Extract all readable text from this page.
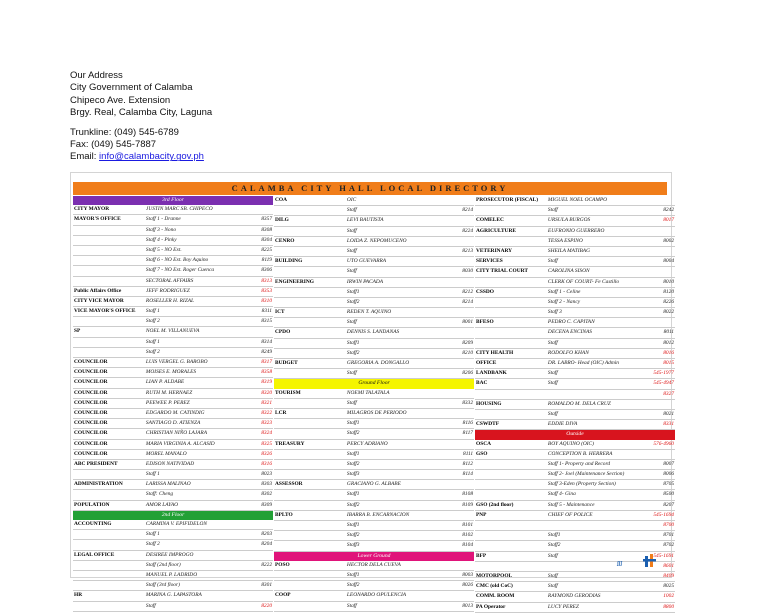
Our Address
City Government of Calamba
Chipeco Ave. Extension
Brgy. Real, Calamba City, Laguna
Trunkline: (049) 545-6789
Fax: (049) 545-7887
Email: info@calambacity.gov.ph
CALAMBA CITY HALL LOCAL DIRECTORY
3rd Floor
CITY MAYOR	JUSTIN MARC SB. CHIPECO
MAYOR'S OFFICE	Staff 1 - Dranne	8357
Staff 3 - Nono	8308
Staff 4 - Pinky	8304
Staff 5 - NO Ext.	8225
Staff 6 - NO Ext. Boy Aquino	8119
Staff 7 - NO Ext. Roger Cuenca	8306
SECTORAL AFFAIRS	8313
Public Affairs Office	JEFF RODRIGUEZ	8353
CITY VICE MAYOR	ROSELLER H. RIZAL	8310
VICE MAYOR'S OFFICE	Staff 1	8311
Staff 2	8315
SP	NOEL M. VILLANUEVA
Staff 1	8314
Staff 2	8249
COUNCILOR	LUIS VERGEL G. BAROBO	8317
COUNCILOR	MOISES E. MORALES	8358
COUNCILOR	LIAN P. ALDABE	8319
COUNCILOR	RUTH M. HERNAEZ	8320
COUNCILOR	PEEWEE P. PEREZ	8321
COUNCILOR	EDGARDO M. CATINDIG	8322
COUNCILOR	SANTIAGO D. ATIENZA	8323
COUNCILOR	CHRISTIAN NIÑO LAJARA	8324
COUNCILOR	MARIA VIRGINIA A. ALCASID	8325
COUNCILOR	MOREL MANALO	8326
ABC PRESIDENT	EDISON NATIVIDAD	8316
Staff 1	8023
ADMINISTRATION	LARISSA MALINAO	8303
Staff: Cheng	8302
POPULATION	AMOR LAYAO	8309
2nd Floor
ACCOUNTING	CARMINA V. EPIFIDELON
Staff 1	8203
Staff 2	8204
LEGAL OFFICE	DESIREE IMPROGO
Staff (2nd floor)	8222
MANUEL P. LADRIDO
Staff (3rd floor)	8301
HR	MARINA G. LAPASTORA
Staff	8220
COA	OIC
Staff	8214
DILG	LEVI BAUTISTA
Staff	8224
CENRO	LOIDA Z. NEPOMUCENO
Staff	8213
BUILDING	UTO GUEVARRA
Staff	8030
ENGINEERING	IRWIN PACADA
Staff1	8212
Staff2	8214
ICT	REDEN T. AQUINO
Staff	8001
CPDO	DENNIS S. LANDANAS
Staff1	8209
Staff2	8210
BUDGET	GREGORIA A. DONGALLO
Staff	8206
Ground Floor
TOURISM	NOEMI TALATALA
Staff	8332
LCR	MILAGROS DE PERIODO
Staff1	8116
Staff2	8117
TREASURY	PERCY ADRIANO
Staff1	8111
Staff2	8112
Staff3	8114
ASSESSOR	GRACIANO G. ALBABE
Staff1	8108
Staff2	8109
BPLTO	IBARRA B. ENCARNACION
Staff1	8101
Staff2	8102
Staff3	8104
Lower Ground
POSO	HECTOR DELA CUEVA
Staff1	8003
Staff2	8026
COOP	LEONARDO OPULENCIA
Staff	8013
PROSECUTOR (FISCAL)	MIGUEL NOEL OCAMPO
Staff	8242
COMELEC	URSULA BURGOS	8017
AGRICULTURE	EUFRONIO GUERRERO
TESSA ESPINO	8002
VETERINARY	SHEILA MATIBAG
SERVICES	Staff	8004
CITY TRIAL COURT	CAROLINA SISON
CLERK OF COURT- Fe Castillo	8010
CSSDO	Staff 1 - Celine	8120
Staff 2 - Nancy	8226
Staff 3	8022
BFESO	PEDRO C. CAPITAN
DECENA ENCINAS	8011
Staff	8012
CITY HEALTH	RODOLFO KHAN	8016
OFFICE	DR. LABRO- Head (OIC) Admin	8015
LANDBANK	Staff	545-1977
BAC	Staff	545-4947
8327
HOUSING	ROMALDO M. DELA CRUZ
Staff	8021
CSWDTF	EDDIE DIVA	8331
Outside
OSCA	BOY AQUINO (OIC)	576-4960
GSO	CONCEPTION B. HERRERA
Staff 1- Property and Record	8007
Staff 2- Joel (Maintenance Section)	8006
Staff 3-Eden (Property Section)	8705
Staff 4- Gina	8500
GSO (2nd floor)	Staff 5 - Maintenance	8207
PNP	CHIEF OF POLICE	545-1694
8700
Staff1	8701
Staff2	8702
BFP	Staff	545-1691
8601
MOTORPOOL	Staff	8409
CMC (old CoC)	Staff	8025
COMM. ROOM	RAYMOND GERODIAS	1002
PA Operator	LUCY PEREZ	8800
ʃʃʃ
